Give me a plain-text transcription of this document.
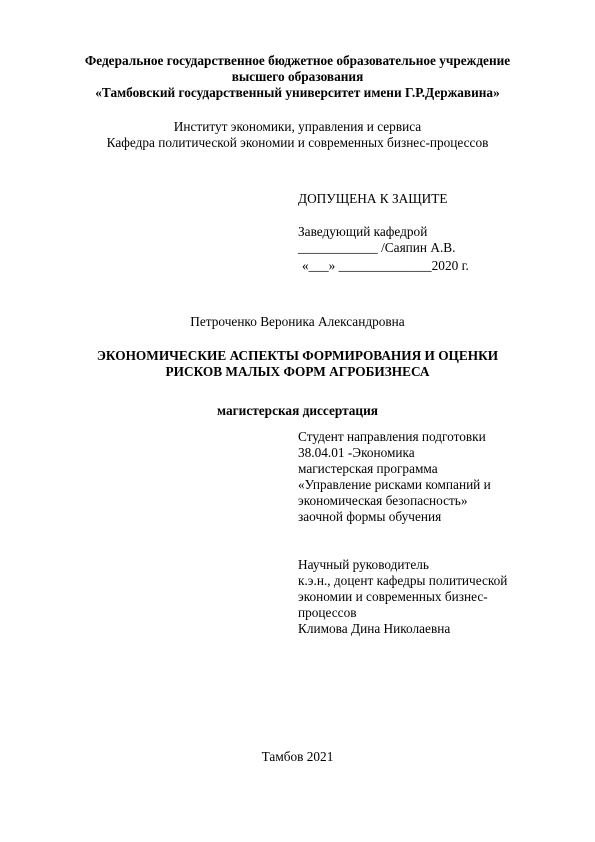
Федеральное государственное бюджетное образовательное учреждение
высшего образования
«Тамбовский государственный университет имени Г.Р.Державина»
Институт экономики, управления и сервиса
Кафедра политической экономии и современных бизнес-процессов
ДОПУЩЕНА К ЗАЩИТЕ
Заведующий кафедрой
____________ /Саяпин А.В.
«___» ______________2020 г.
Петроченко Вероника Александровна
ЭКОНОМИЧЕСКИЕ АСПЕКТЫ ФОРМИРОВАНИЯ И ОЦЕНКИ
РИСКОВ МАЛЫХ ФОРМ АГРОБИЗНЕСА
магистерская диссертация
Студент направления подготовки
38.04.01 -Экономика
магистерская программа
«Управление рисками компаний и
экономическая безопасность»
заочной формы обучения
Научный руководитель
к.э.н., доцент кафедры политической
экономии и современных бизнес-
процессов
Климова Дина Николаевна
Тамбов 2021
